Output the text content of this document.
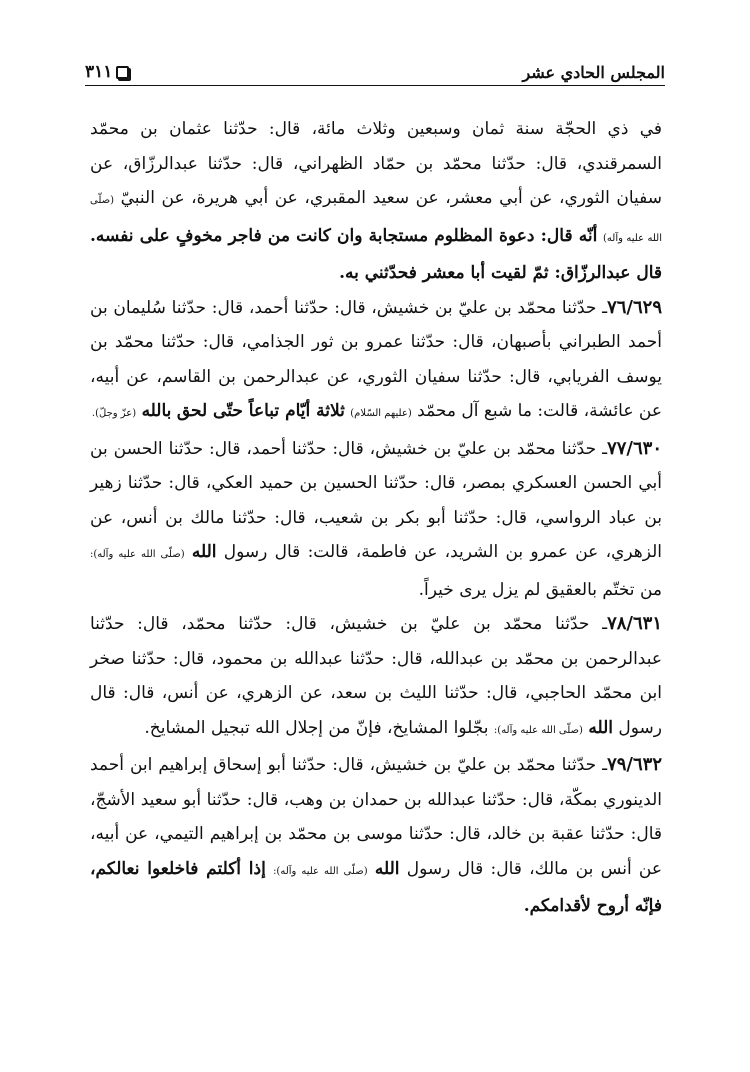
المجلس الحادي عشر
٣١١

في ذي الحجّة سنة ثمان وسبعين وثلاث مائة، قال: حدّثنا عثمان بن محمّد السمرقندي، قال: حدّثنا محمّد بن حمّاد الظهراني، قال: حدّثنا عبدالرزّاق، عن سفيان الثوري، عن أبي معشر، عن سعيد المقبري، عن أبي هريرة، عن النبيّ (صلّى الله عليه وآله) أنّه قال: دعوة المظلوم مستجابة وان كانت من فاجر مخوفٍ على نفسه. قال عبدالرزّاق: ثمّ لقيت أبا معشر فحدّثني به.

٧٦/٦٢٩ـ حدّثنا محمّد بن عليّ بن خشيش، قال: حدّثنا أحمد، قال: حدّثنا سُليمان بن أحمد الطبراني بأصبهان، قال: حدّثنا عمرو بن ثور الجذامي، قال: حدّثنا محمّد بن يوسف الفريابي، قال: حدّثنا سفيان الثوري، عن عبدالرحمن بن القاسم، عن أبيه، عن عائشة، قالت: ما شبع آل محمّد (عليهم السّلام) ثلاثة أيّام تباعاً حتّى لحق بالله (عزّ وجلّ).

٧٧/٦٣٠ـ حدّثنا محمّد بن عليّ بن خشيش، قال: حدّثنا أحمد، قال: حدّثنا الحسن بن أبي الحسن العسكري بمصر، قال: حدّثنا الحسين بن حميد العكي، قال: حدّثنا زهير بن عباد الرواسي، قال: حدّثنا أبو بكر بن شعيب، قال: حدّثنا مالك بن أنس، عن الزهري، عن عمرو بن الشريد، عن فاطمة، قالت: قال رسول الله (صلّى الله عليه وآله): من تختّم بالعقيق لم يزل يرى خيراً.

٧٨/٦٣١ـ حدّثنا محمّد بن عليّ بن خشيش، قال: حدّثنا محمّد، قال: حدّثنا عبدالرحمن بن محمّد بن عبدالله، قال: حدّثنا عبدالله بن محمود، قال: حدّثنا صخر ابن محمّد الحاجبي، قال: حدّثنا الليث بن سعد، عن الزهري، عن أنس، قال: قال رسول الله (صلّى الله عليه وآله): بجّلوا المشايخ، فإنّ من إجلال الله تبجيل المشايخ.

٧٩/٦٣٢ـ حدّثنا محمّد بن عليّ بن خشيش، قال: حدّثنا أبو إسحاق إبراهيم ابن أحمد الدينوري بمكّة، قال: حدّثنا عبدالله بن حمدان بن وهب، قال: حدّثنا أبو سعيد الأشجّ، قال: حدّثنا عقبة بن خالد، قال: حدّثنا موسى بن محمّد بن إبراهيم التيمي، عن أبيه، عن أنس بن مالك، قال: قال رسول الله (صلّى الله عليه وآله): إذا أكلتم فاخلعوا نعالكم، فإنّه أروح لأقدامكم.
